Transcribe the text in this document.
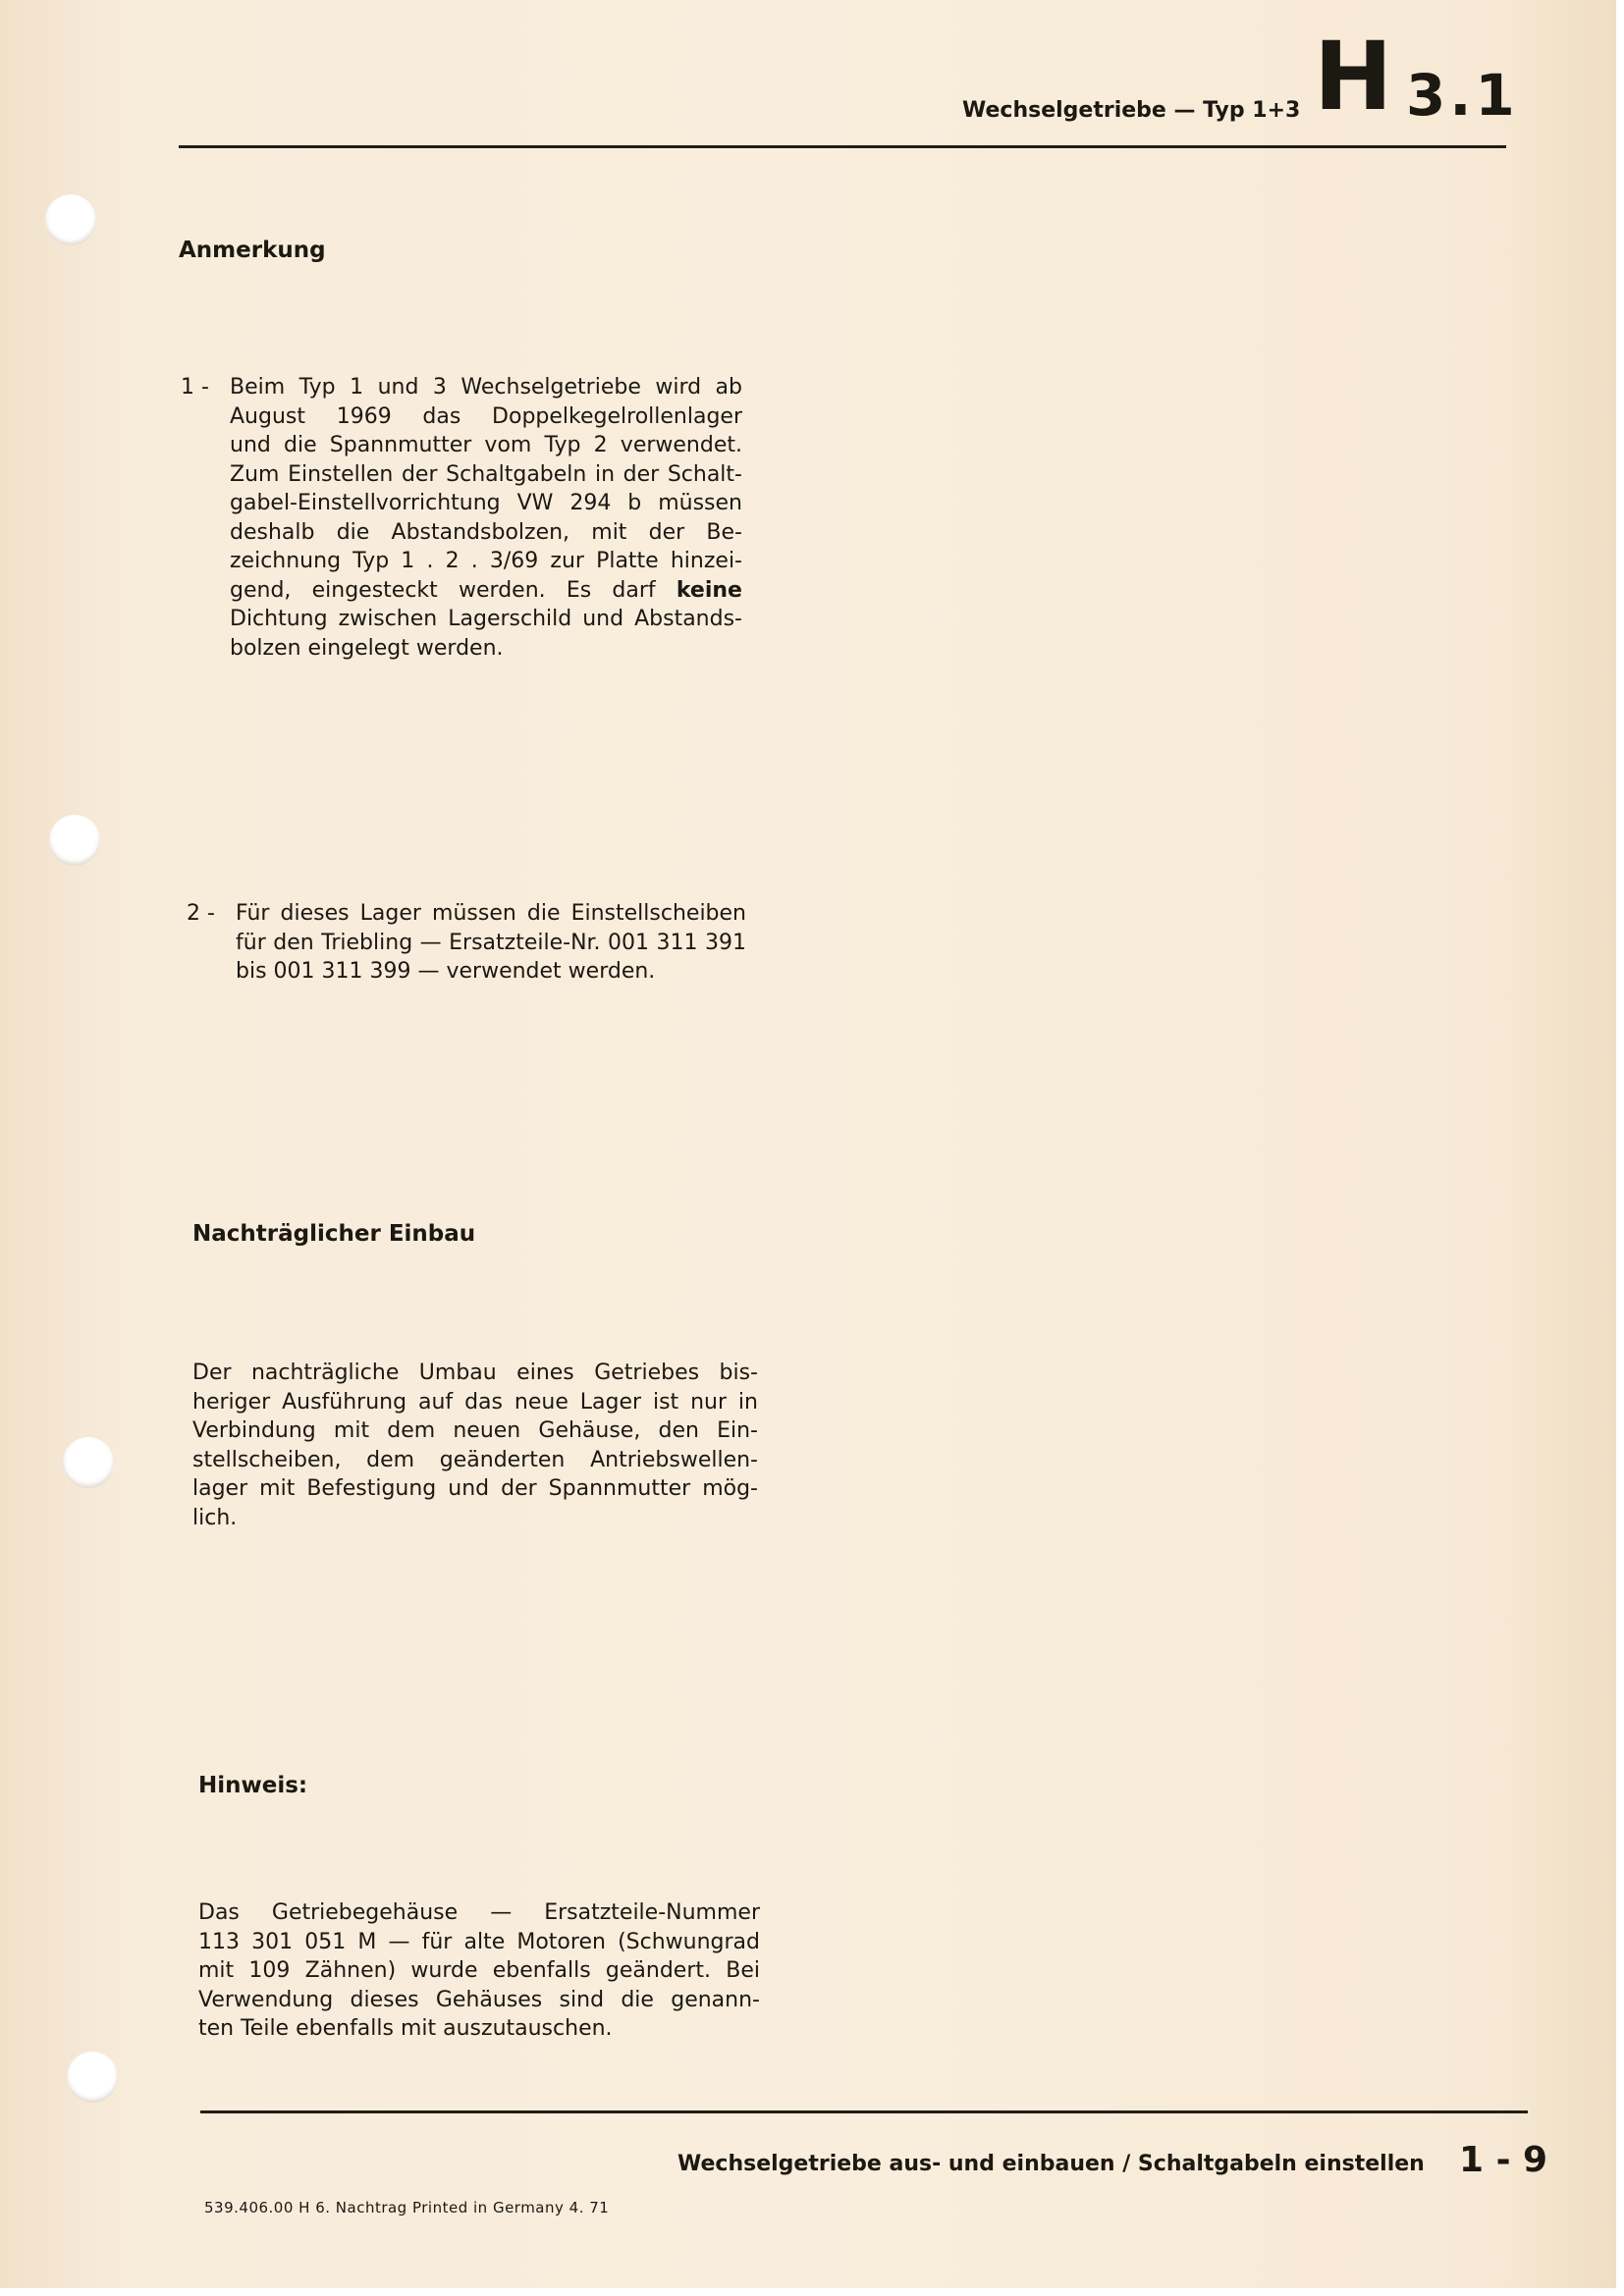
Wechselgetriebe — Typ 1+3 H 3.1
Anmerkung
1 - Beim Typ 1 und 3 Wechselgetriebe wird ab
August 1969 das Doppelkegelrollenlager
und die Spannmutter vom Typ 2 verwendet.
Zum Einstellen der Schaltgabeln in der Schalt-
gabel-Einstellvorrichtung VW 294 b müssen
deshalb die Abstandsbolzen, mit der Be-
zeichnung Typ 1 . 2 . 3/69 zur Platte hinzei-
gend, eingesteckt werden. Es darf keine
Dichtung zwischen Lagerschild und Abstands-
bolzen eingelegt werden.
2 - Für dieses Lager müssen die Einstellscheiben
für den Triebling — Ersatzteile-Nr. 001 311 391
bis 001 311 399 — verwendet werden.
Nachträglicher Einbau
Der nachträgliche Umbau eines Getriebes bis-
heriger Ausführung auf das neue Lager ist nur in
Verbindung mit dem neuen Gehäuse, den Ein-
stellscheiben, dem geänderten Antriebswellen-
lager mit Befestigung und der Spannmutter mög-
lich.
Hinweis:
Das Getriebegehäuse — Ersatzteile-Nummer
113 301 051 M — für alte Motoren (Schwungrad
mit 109 Zähnen) wurde ebenfalls geändert. Bei
Verwendung dieses Gehäuses sind die genann-
ten Teile ebenfalls mit auszutauschen.
Wechselgetriebe aus- und einbauen / Schaltgabeln einstellen 1 - 9
539.406.00 H 6. Nachtrag Printed in Germany 4. 71
